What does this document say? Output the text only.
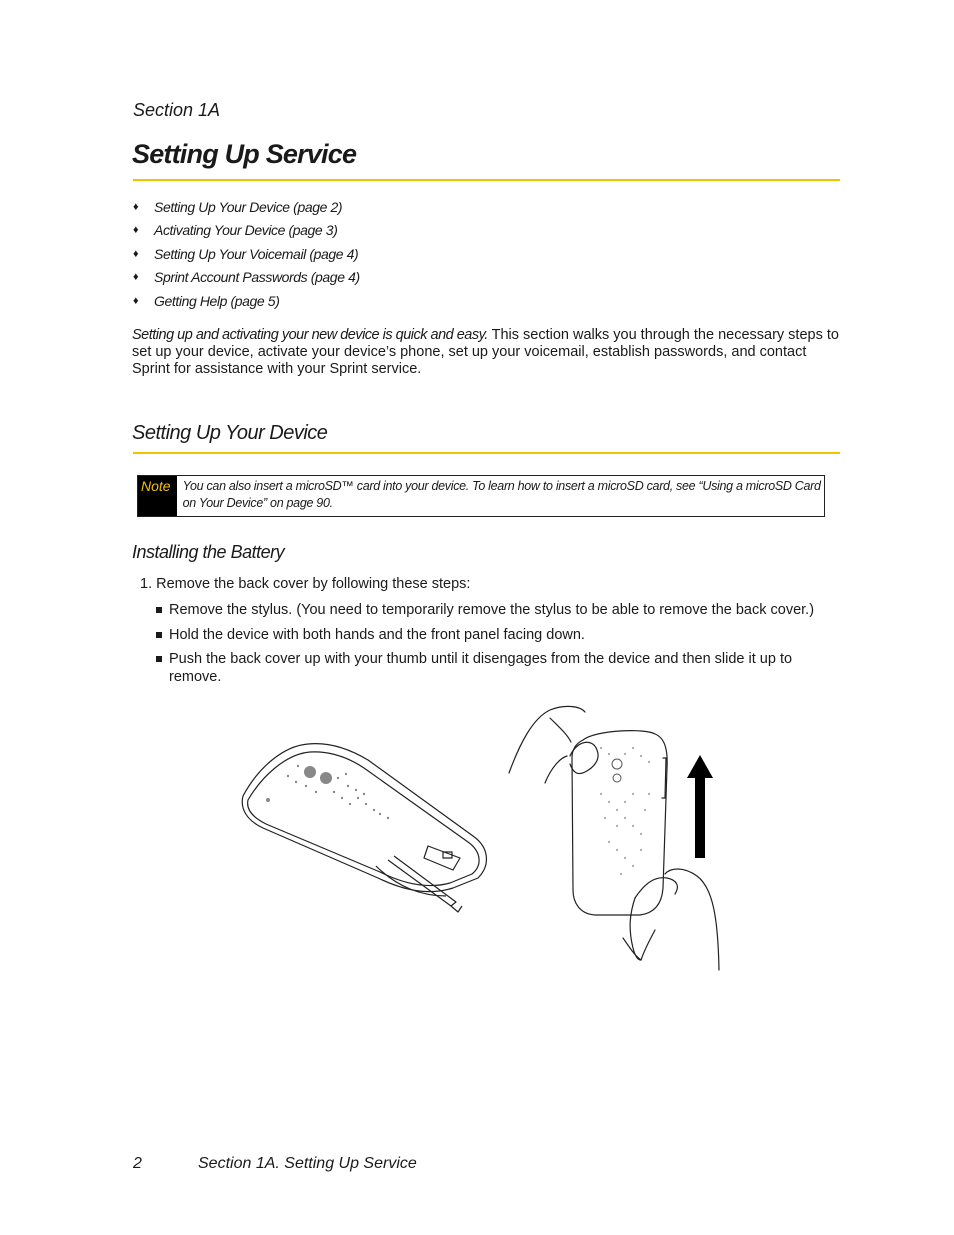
Section 1A
Setting Up Service
♦	Setting Up Your Device (page 2)
♦	Activating Your Device (page 3)
♦	Setting Up Your Voicemail (page 4)
♦	Sprint Account Passwords (page 4)
♦	Getting Help (page 5)
Setting up and activating your new device is quick and easy. This section walks you through the necessary steps to set up your device, activate your device’s phone, set up your voicemail, establish passwords, and contact Sprint for assistance with your Sprint service.
Setting Up Your Device
Note You can also insert a microSD™ card into your device. To learn how to insert a microSD card, see “Using a microSD Card on Your Device” on page 90.
Installing the Battery
1. Remove the back cover by following these steps:
Remove the stylus. (You need to temporarily remove the stylus to be able to remove the back cover.)
Hold the device with both hands and the front panel facing down.
Push the back cover up with your thumb until it disengages from the device and then slide it up to remove.
2	Section 1A. Setting Up Service
